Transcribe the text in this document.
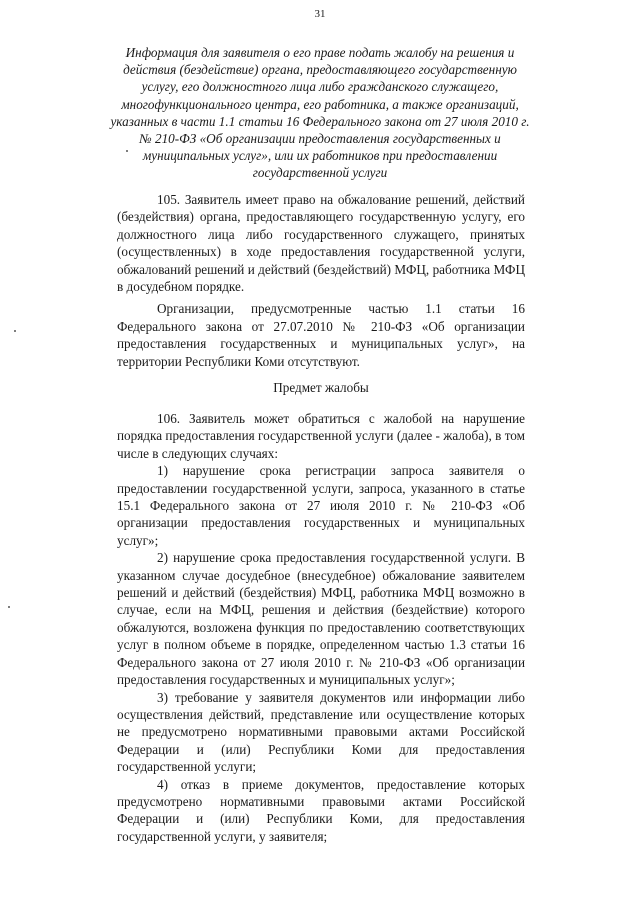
31
Информация для заявителя о его праве подать жалобу на решения и действия (бездействие) органа, предоставляющего государственную услугу, его должностного лица либо гражданского служащего, многофункционального центра, его работника, а также организаций, указанных в части 1.1 статьи 16 Федерального закона от 27 июля 2010 г. № 210-ФЗ «Об организации предоставления государственных и муниципальных услуг», или их работников при предоставлении государственной услуги

105. Заявитель имеет право на обжалование решений, действий (бездействия) органа, предоставляющего государственную услугу, его должностного лица либо государственного служащего, принятых (осуществленных) в ходе предоставления государственной услуги, обжалований решений и действий (бездействий) МФЦ, работника МФЦ в досудебном порядке.

Организации, предусмотренные частью 1.1 статьи 16 Федерального закона от 27.07.2010 № 210-ФЗ «Об организации предоставления государственных и муниципальных услуг», на территории Республики Коми отсутствуют.

Предмет жалобы

106. Заявитель может обратиться с жалобой на нарушение порядка предоставления государственной услуги (далее - жалоба), в том числе в следующих случаях:

1) нарушение срока регистрации запроса заявителя о предоставлении государственной услуги, запроса, указанного в статье 15.1 Федерального закона от 27 июля 2010 г. № 210-ФЗ «Об организации предоставления государственных и муниципальных услуг»;

2) нарушение срока предоставления государственной услуги. В указанном случае досудебное (внесудебное) обжалование заявителем решений и действий (бездействия) МФЦ, работника МФЦ возможно в случае, если на МФЦ, решения и действия (бездействие) которого обжалуются, возложена функция по предоставлению соответствующих услуг в полном объеме в порядке, определенном частью 1.3 статьи 16 Федерального закона от 27 июля 2010 г. № 210-ФЗ «Об организации предоставления государственных и муниципальных услуг»;

3) требование у заявителя документов или информации либо осуществления действий, представление или осуществление которых не предусмотрено нормативными правовыми актами Российской Федерации и (или) Республики Коми для предоставления государственной услуги;

4) отказ в приеме документов, предоставление которых предусмотрено нормативными правовыми актами Российской Федерации и (или) Республики Коми, для предоставления государственной услуги, у заявителя;
